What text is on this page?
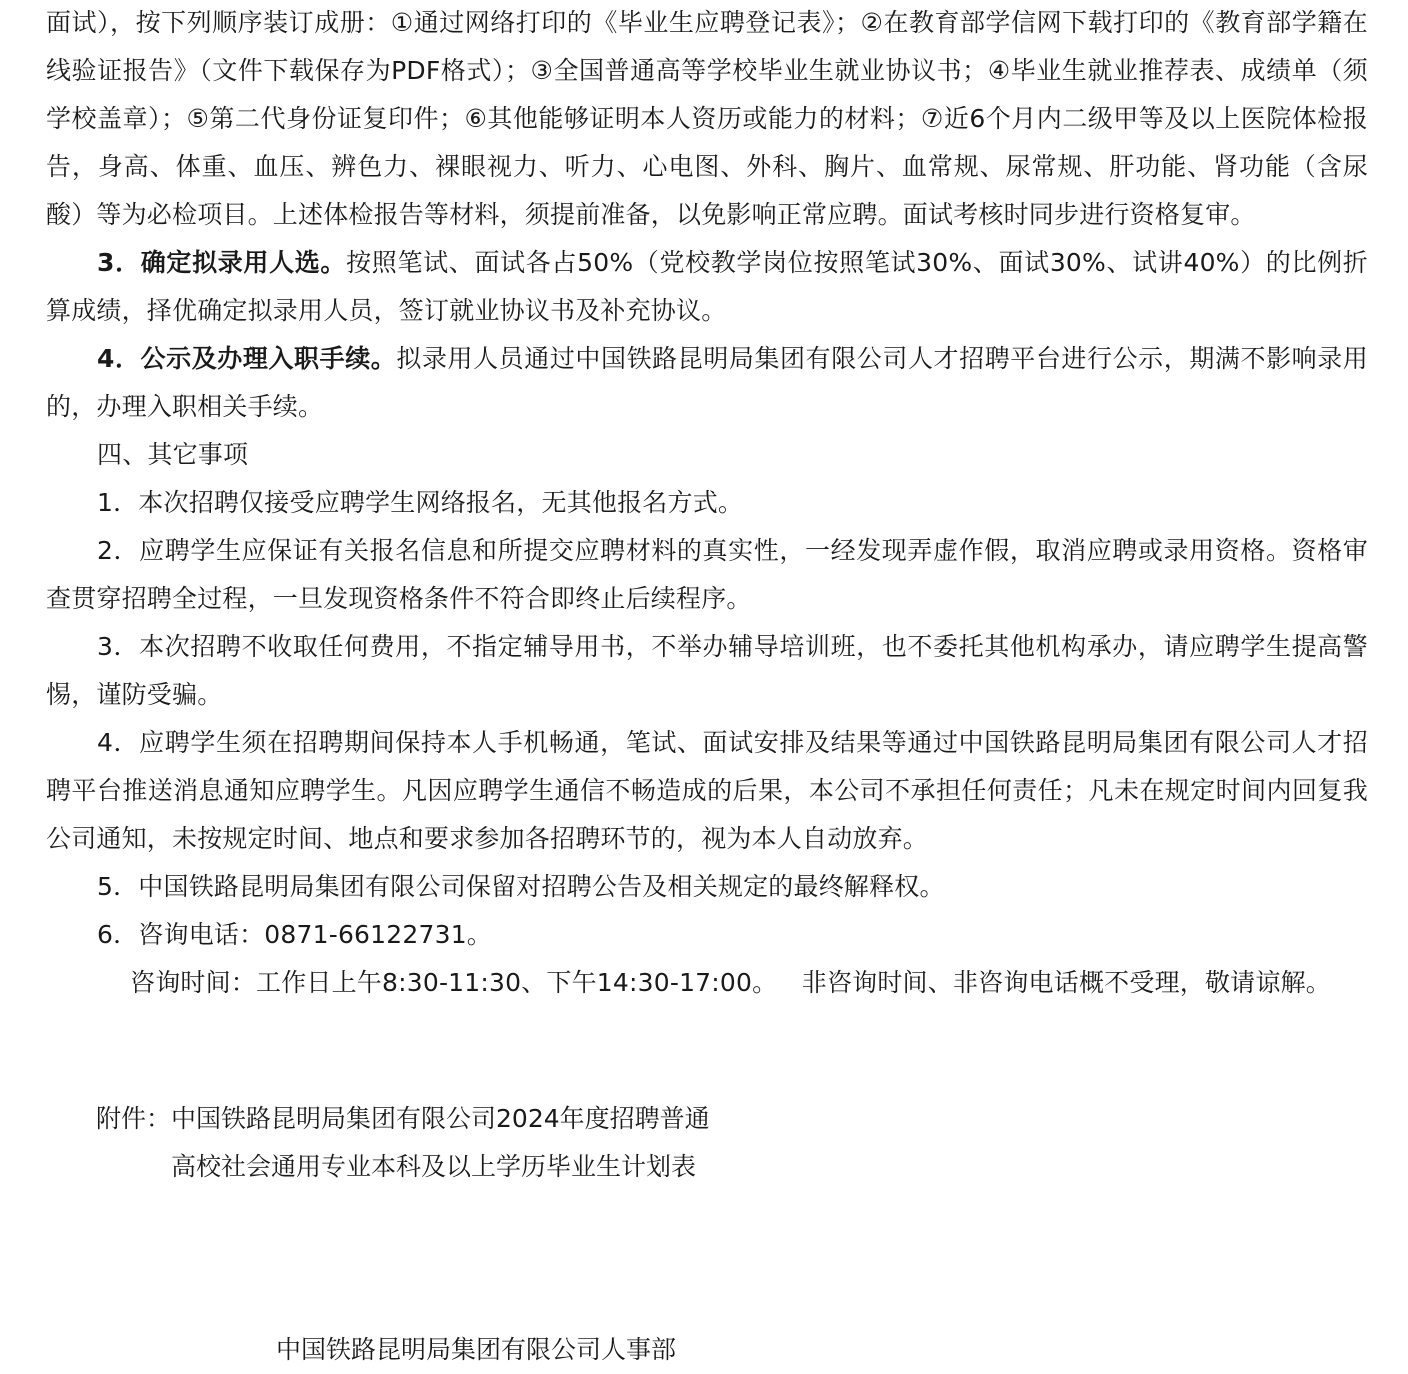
面试），按下列顺序装订成册：①通过网络打印的《毕业生应聘登记表》；②在教育部学信网下载打印的《教育部学籍在线验证报告》（文件下载保存为PDF格式）；③全国普通高等学校毕业生就业协议书；④毕业生就业推荐表、成绩单（须学校盖章）；⑤第二代身份证复印件；⑥其他能够证明本人资历或能力的材料；⑦近6个月内二级甲等及以上医院体检报告，身高、体重、血压、辨色力、裸眼视力、听力、心电图、外科、胸片、血常规、尿常规、肝功能、肾功能（含尿酸）等为必检项目。上述体检报告等材料，须提前准备，以免影响正常应聘。面试考核时同步进行资格复审。

3．确定拟录用人选。按照笔试、面试各占50%（党校教学岗位按照笔试30%、面试30%、试讲40%）的比例折算成绩，择优确定拟录用人员，签订就业协议书及补充协议。

4．公示及办理入职手续。拟录用人员通过中国铁路昆明局集团有限公司人才招聘平台进行公示，期满不影响录用的，办理入职相关手续。

四、其它事项

1．本次招聘仅接受应聘学生网络报名，无其他报名方式。

2．应聘学生应保证有关报名信息和所提交应聘材料的真实性，一经发现弄虚作假，取消应聘或录用资格。资格审查贯穿招聘全过程，一旦发现资格条件不符合即终止后续程序。

3．本次招聘不收取任何费用，不指定辅导用书，不举办辅导培训班，也不委托其他机构承办，请应聘学生提高警惕，谨防受骗。

4．应聘学生须在招聘期间保持本人手机畅通，笔试、面试安排及结果等通过中国铁路昆明局集团有限公司人才招聘平台推送消息通知应聘学生。凡因应聘学生通信不畅造成的后果，本公司不承担任何责任；凡未在规定时间内回复我公司通知，未按规定时间、地点和要求参加各招聘环节的，视为本人自动放弃。

5．中国铁路昆明局集团有限公司保留对招聘公告及相关规定的最终解释权。

6．咨询电话：0871-66122731。

咨询时间：工作日上午8:30-11:30、下午14:30-17:00。   非咨询时间、非咨询电话概不受理，敬请谅解。

附件： 中国铁路昆明局集团有限公司2024年度招聘普通
高校社会通用专业本科及以上学历毕业生计划表
中国铁路昆明局集团有限公司人事部
